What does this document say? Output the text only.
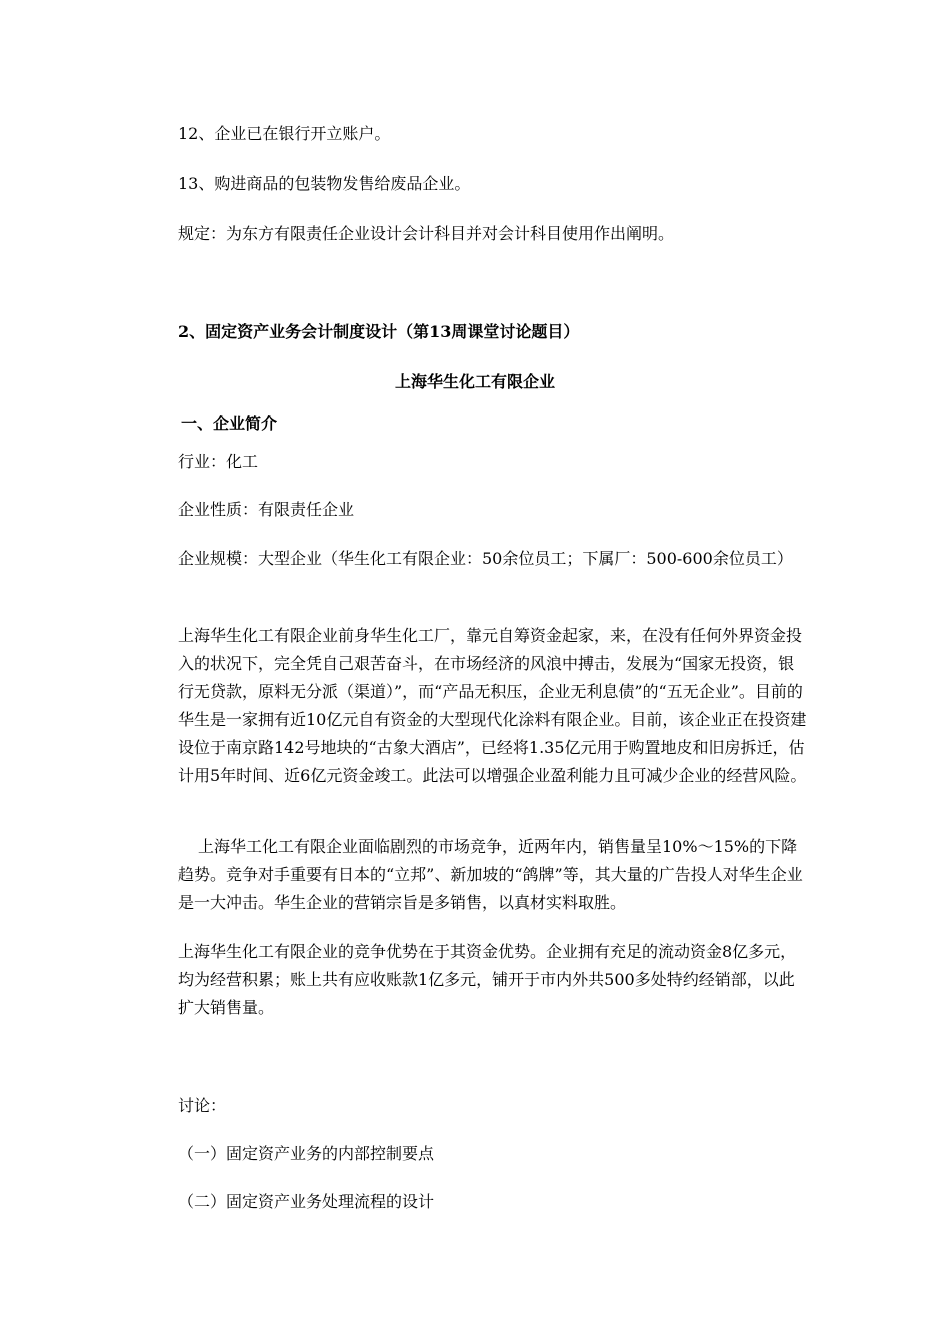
12、企业已在银行开立账户。

13、购进商品的包装物发售给废品企业。

规定：为东方有限责任企业设计会计科目并对会计科目使用作出阐明。

2、固定资产业务会计制度设计（第13周课堂讨论题目）

上海华生化工有限企业

一、企业简介

行业：化工

企业性质：有限责任企业

企业规模：大型企业（华生化工有限企业：50余位员工；下属厂：500-600余位员工）

上海华生化工有限企业前身华生化工厂，靠元自筹资金起家，来，在没有任何外界资金投入的状况下，完全凭自己艰苦奋斗，在市场经济的风浪中搏击，发展为“国家无投资，银行无贷款，原料无分派（渠道）”，而“产品无积压，企业无利息债”的“五无企业”。目前的华生是一家拥有近10亿元自有资金的大型现代化涂料有限企业。目前，该企业正在投资建设位于南京路142号地块的“古象大酒店”，已经将1.35亿元用于购置地皮和旧房拆迁，估计用5年时间、近6亿元资金竣工。此法可以增强企业盈利能力且可减少企业的经营风险。

上海华工化工有限企业面临剧烈的市场竞争，近两年内，销售量呈10%～15%的下降趋势。竞争对手重要有日本的“立邦”、新加坡的“鸽牌”等，其大量的广告投人对华生企业是一大冲击。华生企业的营销宗旨是多销售，以真材实料取胜。

上海华生化工有限企业的竞争优势在于其资金优势。企业拥有充足的流动资金8亿多元，均为经营积累；账上共有应收账款1亿多元，铺开于市内外共500多处特约经销部，以此扩大销售量。

讨论：

（一）固定资产业务的内部控制要点

（二）固定资产业务处理流程的设计
